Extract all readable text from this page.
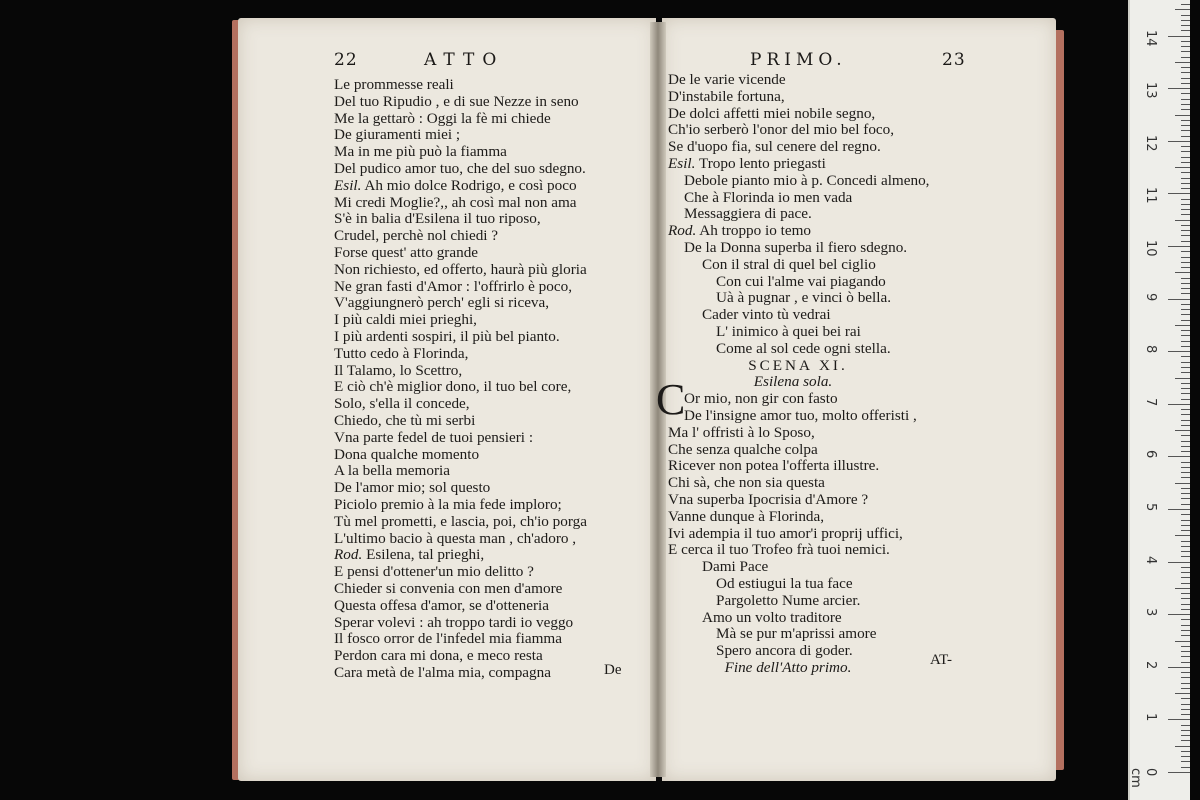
22	ATTO
Le prommesse reali
Del tuo Ripudio , e di sue Nezze in seno
Me la gettarò : Oggi la fè mi chiede
De giuramenti miei ;
Ma in me più può la fiamma
Del pudico amor tuo, che del suo sdegno.
Esil. Ah mio dolce Rodrigo, e così poco
Mi credi Moglie?,, ah così mal non ama
S'è in balia d'Esilena il tuo riposo,
Crudel, perchè nol chiedi ?
Forse quest' atto grande
Non richiesto, ed offerto, haurà più gloria
Ne gran fasti d'Amor : l'offrirlo è poco,
V'aggiungnerò perch' egli si riceva,
I più caldi miei prieghi,
I più ardenti sospiri, il più bel pianto.
Tutto cedo à Florinda,
Il Talamo, lo Scettro,
E ciò ch'è miglior dono, il tuo bel core,
Solo, s'ella il concede,
Chiedo, che tù mi serbi
Vna parte fedel de tuoi pensieri :
Dona qualche momento
A la bella memoria
De l'amor mio; sol questo
Piciolo premio à la mia fede imploro;
Tù mel prometti, e lascia, poi, ch'io porga
L'ultimo bacio à questa man , ch'adoro ,
Rod. Esilena, tal prieghi,
E pensi d'ottener'un mio delitto ?
Chieder si convenia con men d'amore
Questa offesa d'amor, se d'otteneria
Sperar volevi : ah troppo tardi io veggo
Il fosco orror de l'infedel mia fiamma
Perdon cara mi dona, e meco resta
Cara metà de l'alma mia, compagna	De
PRIMO.	23
De le varie vicende
D'instabile fortuna,
De dolci affetti miei nobile segno,
Ch'io serberò l'onor del mio bel foco,
Se d'uopo fia, sul cenere del regno.
Esil. Tropo lento priegasti
Debole pianto mio à p. Concedi almeno,
Che à Florinda io men vada
Messaggiera di pace.
Rod. Ah troppo io temo
De la Donna superba il fiero sdegno.
Con il stral di quel bel ciglio
Con cui l'alme vai piagando
Uà à pugnar , e vinci ò bella.
Cader vinto tù vedrai
L' inimico à quei bei rai
Come al sol cede ogni stella.
SCENA XI.
Esilena sola.
Or mio, non gir con fasto
De l'insigne amor tuo, molto offeristi ,
Ma l' offristi à lo Sposo,
Che senza qualche colpa
Ricever non potea l'offerta illustre.
Chi sà, che non sia questa
Vna superba Ipocrisia d'Amore ?
Vanne dunque à Florinda,
Ivi adempia il tuo amor'i proprij uffici,
E cerca il tuo Trofeo frà tuoi nemici.
Dami Pace
Od estiugui la tua face
Pargoletto Nume arcier.
Amo un volto traditore
Mà se pur m'aprissi amore
Spero ancora di goder.
Fine dell'Atto primo.
C
AT-
0 cm
1
2
3
4
5
6
7
8
9
10
11
12
13
14
